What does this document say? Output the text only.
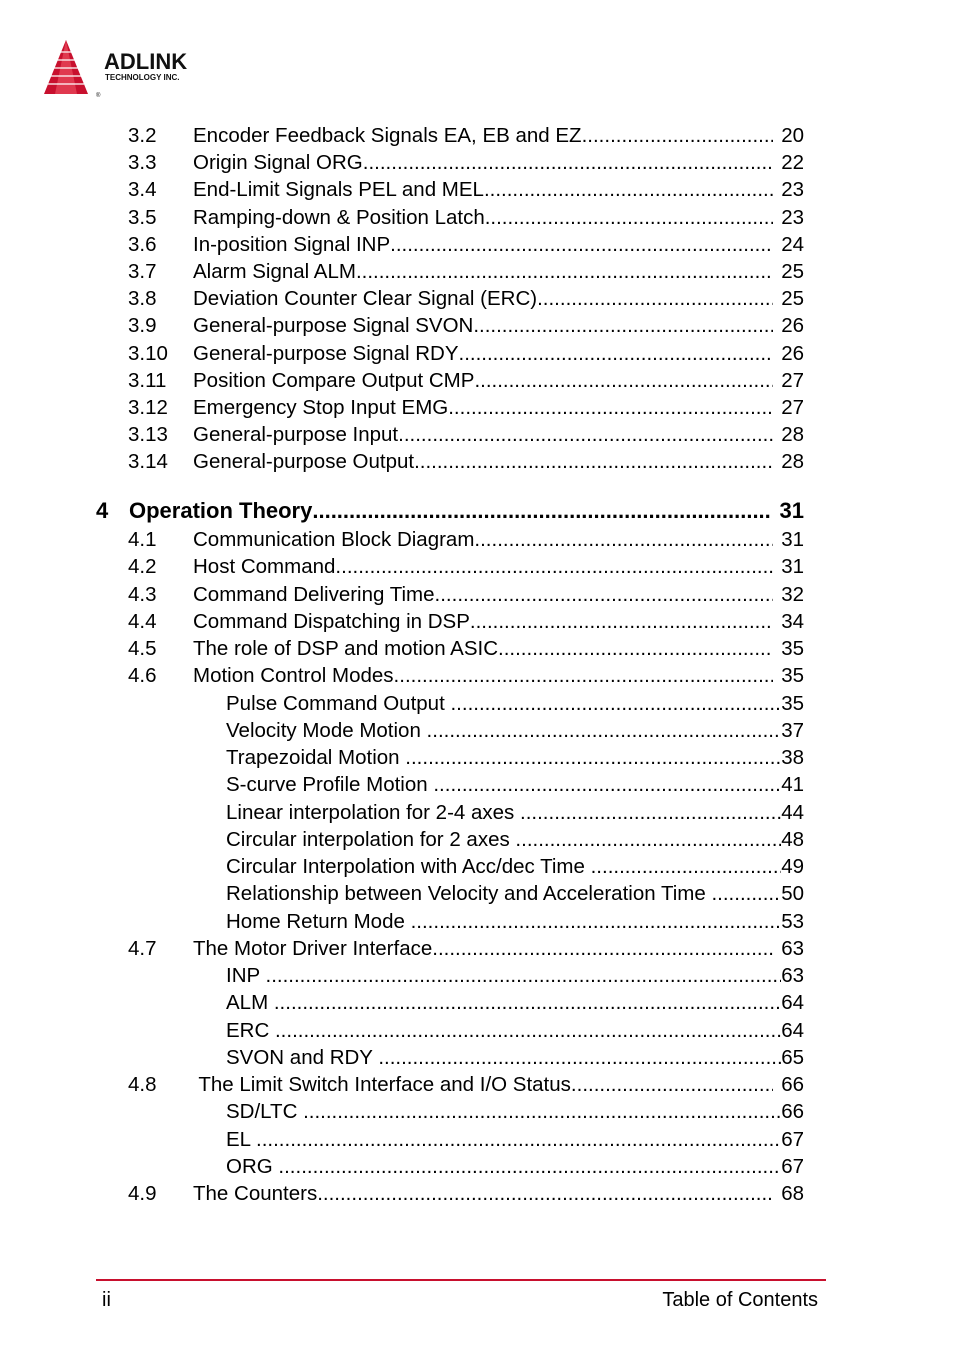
ADLINK
TECHNOLOGY INC.
®
3.2 Encoder Feedback Signals EA, EB and EZ .....	20
3.3 Origin Signal ORG .....	22
3.4 End-Limit Signals PEL and MEL .....	23
3.5 Ramping-down & Position Latch .....	23
3.6 In-position Signal INP .....	24
3.7 Alarm Signal ALM .....	25
3.8 Deviation Counter Clear Signal (ERC) .....	25
3.9 General-purpose Signal SVON .....	26
3.10 General-purpose Signal RDY .....	26
3.11 Position Compare Output CMP .....	27
3.12 Emergency Stop Input EMG .....	27
3.13 General-purpose Input .....	28
3.14 General-purpose Output .....	28
4 Operation Theory .....	31
4.1 Communication Block Diagram .....	31
4.2 Host Command .....	31
4.3 Command Delivering Time .....	32
4.4 Command Dispatching in DSP .....	34
4.5 The role of DSP and motion ASIC .....	35
4.6 Motion Control Modes .....	35
Pulse Command Output .....	35
Velocity Mode Motion .....	37
Trapezoidal Motion .....	38
S-curve Profile Motion .....	41
Linear interpolation for 2-4 axes .....	44
Circular interpolation for 2 axes .....	48
Circular Interpolation with Acc/dec Time .....	49
Relationship between Velocity and Acceleration Time .....	50
Home Return Mode .....	53
4.7 The Motor Driver Interface .....	63
INP .....	63
ALM .....	64
ERC .....	64
SVON and RDY .....	65
4.8 The Limit Switch Interface and I/O Status .....	66
SD/LTC .....	66
EL .....	67
ORG .....	67
4.9 The Counters .....	68
ii	Table of Contents
